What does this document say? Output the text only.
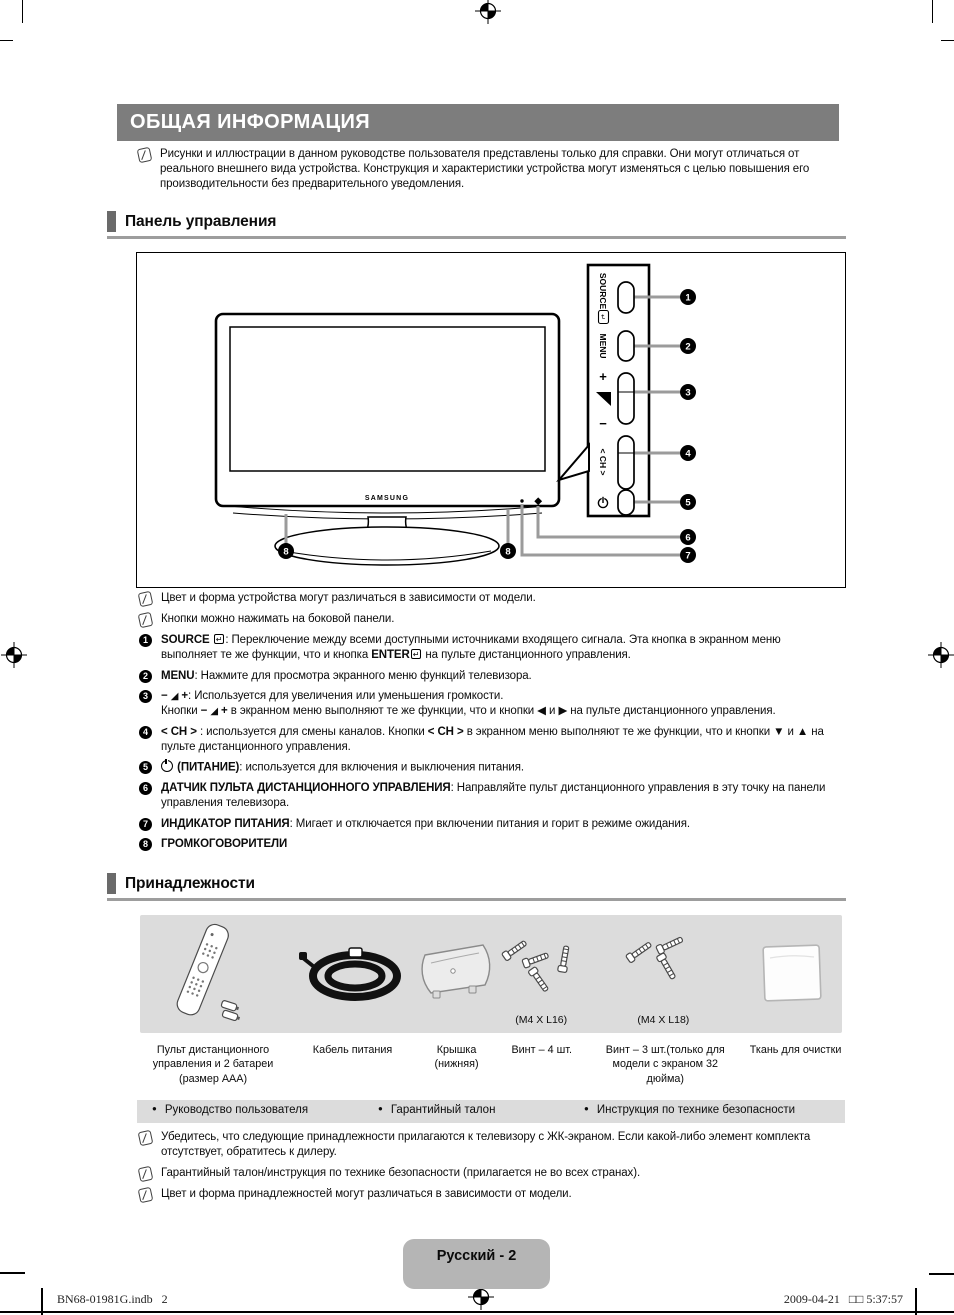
ОБЩАЯ ИНФОРМАЦИЯ
Рисунки и иллюстрации в данном руководстве пользователя представлены только для справки. Они могут отличаться от реального внешнего вида устройства. Конструкция и характеристики устройства могут изменяться с целью повышения его производительности без предварительного уведомления.
Панель управления
SAMSUNG
SOURCE
↵
MENU
+
−
< CH >
1
2
3
4
5
6
7
8	8
Цвет и форма устройства могут различаться в зависимости от модели.
Кнопки можно нажимать на боковой панели.
1	SOURCE ↵ : Переключение между всеми доступными источниками входящего сигнала. Эта кнопка в экранном меню выполняет те же функции, что и кнопка ENTER ↵ на пульте дистанционного управления.
2	MENU: Нажмите для просмотра экранного меню функций телевизора.
3	− ◢ +: Используется для увеличения или уменьшения громкости.
Кнопки − ◢ + в экранном меню выполняют те же функции, что и кнопки ◀ и ▶ на пульте дистанционного управления.
4	< CH > : используется для смены каналов. Кнопки < CH > в экранном меню выполняют те же функции, что и кнопки ▼ и ▲ на пульте дистанционного управления.
5	(ПИТАНИЕ): используется для включения и выключения питания.
6	ДАТЧИК ПУЛЬТА ДИСТАНЦИОННОГО УПРАВЛЕНИЯ: Направляйте пульт дистанционного управления в эту точку на панели управления телевизора.
7	ИНДИКАТОР ПИТАНИЯ: Мигает и отключается при включении питания и горит в режиме ожидания.
8	ГРОМКОГОВОРИТЕЛИ
Принадлежности
(M4 X L16)	(M4 X L18)
Пульт дистанционного управления и 2 батареи (размер ААА)
Кабель питания	Крышка (нижняя)
Винт – 4 шт.	Винт – 3 шт.(только для модели с экраном 32 дюйма)
Ткань для очистки
● Руководство пользователя	● Гарантийный талон	● Инструкция по технике безопасности
Убедитесь, что следующие принадлежности прилагаются к телевизору с ЖК-экраном. Если какой-либо элемент комплекта отсутствует, обратитесь к дилеру.
Гарантийный талон/инструкция по технике безопасности (прилагается не во всех странах).
Цвет и форма принадлежностей могут различаться в зависимости от модели.
Русский - 2
BN68-01981G.indb   2	2009-04-21   □□ 5:37:57
